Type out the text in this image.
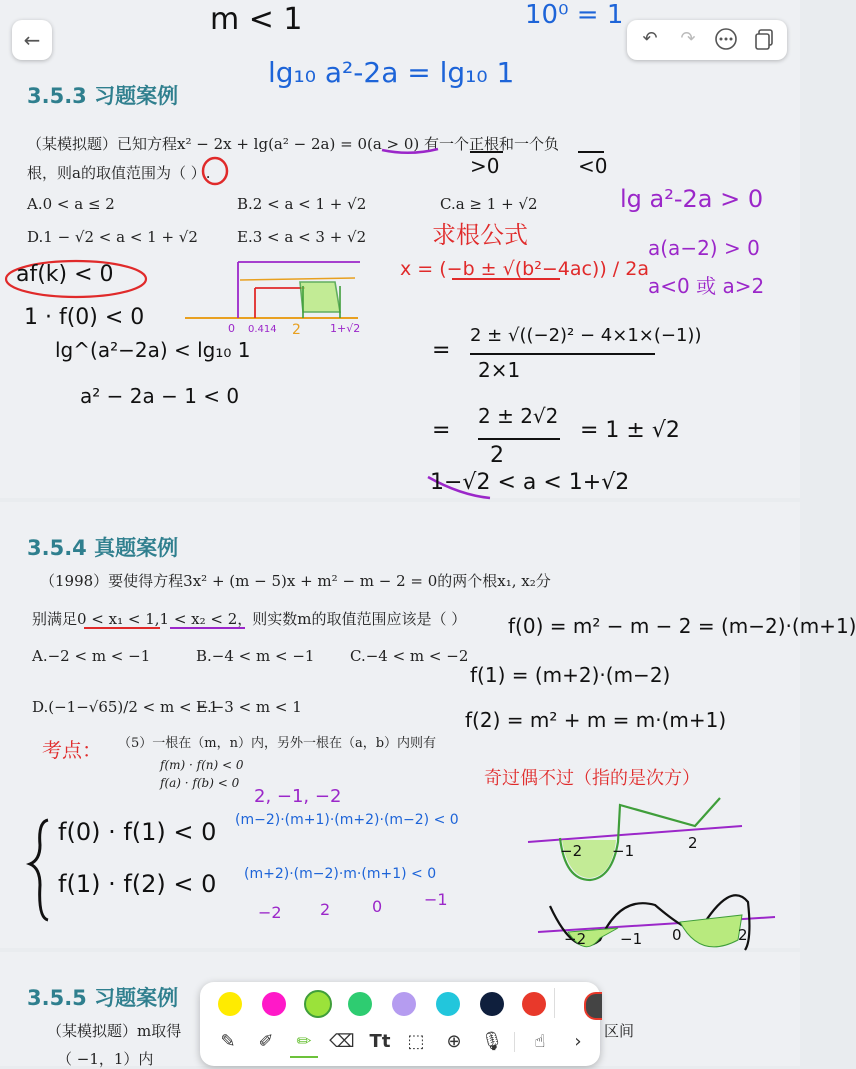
3.5.3 习题案例
（某模拟题）已知方程x² − 2x + lg(a² − 2a) = 0(a > 0) 有一个正根和一个负
根，则a的取值范围为（ ）.
A.0 < a ≤ 2	B.2 < a < 1 + √2	C.a ≥ 1 + √2
D.1 − √2 < a < 1 + √2	E.3 < a < 3 + √2
3.5.4 真题案例
（1998）要使得方程3x² + (m − 5)x + m² − m − 2 = 0的两个根x₁, x₂分
别满足0 < x₁ < 1,1 < x₂ < 2，则实数m的取值范围应该是（ ）
A.−2 < m < −1	B.−4 < m < −1 C.−4 < m < −2
D.(−1−√65)/2 < m < −1
E.−3 < m < 1
（5）一根在（m，n）内，另外一根在（a，b）内则有
f(m) · f(n) < 0
f(a) · f(b) < 0
3.5.5 习题案例
（某模拟题）m取得	区间
（ −1，1）内
m < 1	10⁰ = 1
lg₁₀ a²-2a = lg₁₀ 1
>0	<0
af(k) < 0
1 · f(0) < 0
lg^(a²−2a) < lg₁₀ 1
a² − 2a − 1 < 0
0 0.414 2	1+√2
求根公式
x = (−b ± √(b²−4ac)) / 2a
=
2 ± √((−2)² − 4×1×(−1))
2×1
=
2 ± 2√2
2
= 1 ± √2
1−√2 < a < 1+√2
lg a²-2a > 0
a(a−2) > 0
a<0 或 a>2
f(0) = m² − m − 2 = (m−2)·(m+1)
f(1) = (m+2)·(m−2)
f(2) = m² + m = m·(m+1)
考点：
2, −1, −2
f(0) · f(1) < 0
f(1) · f(2) < 0
(m−2)·(m+1)·(m+2)·(m−2) < 0
(m+2)·(m−2)·m·(m+1) < 0
−2 2	0	−1
奇过偶不过（指的是次方）
−2 −1	2
−2 −1 0	2
←	↶	↷
✎	✐	✏ ⌫ Tt ⬚	⊕	🎙	☝	›
